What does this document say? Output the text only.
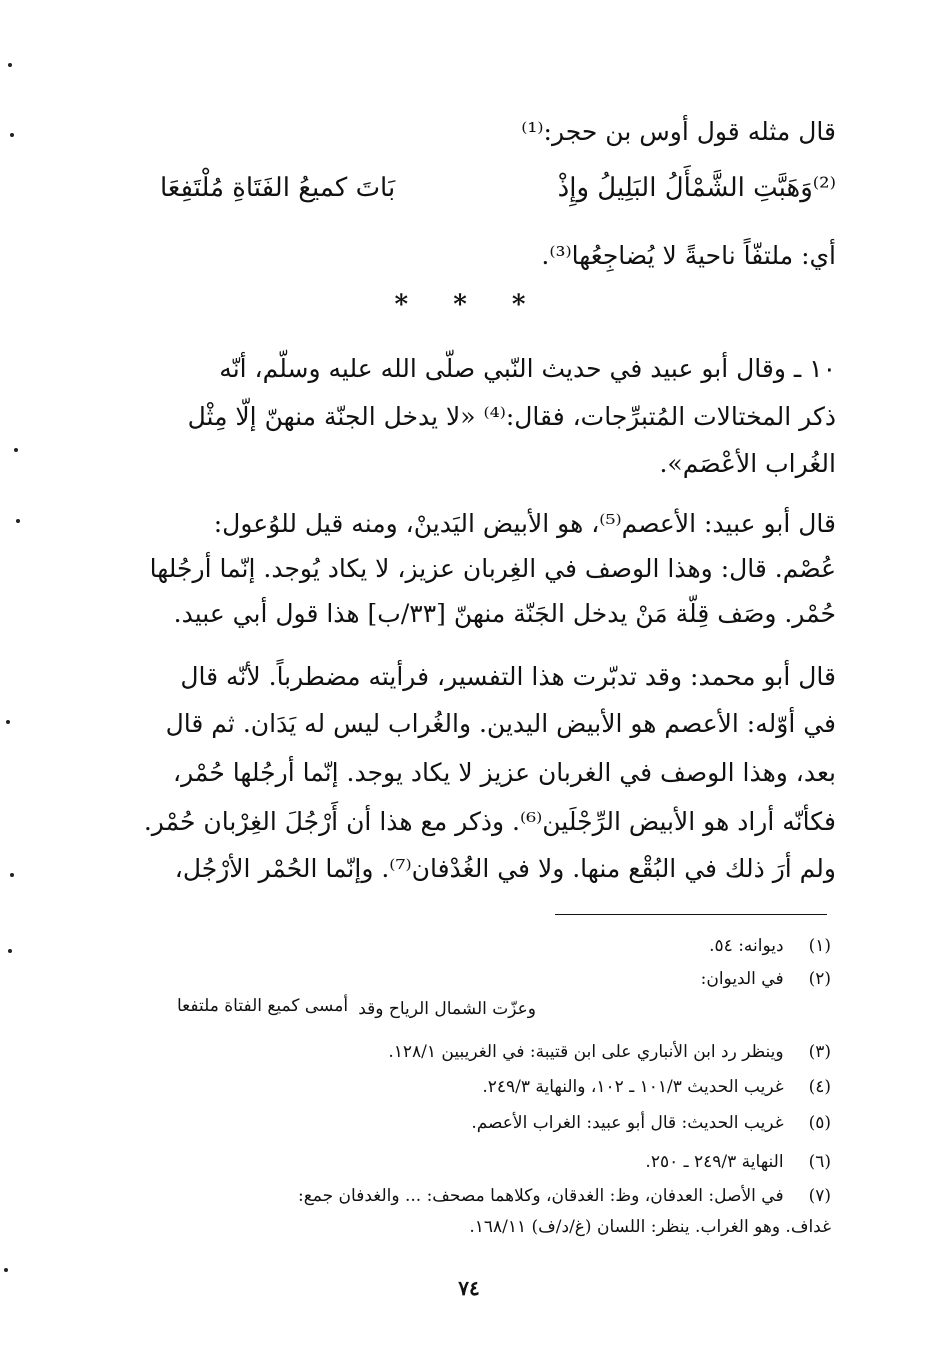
قال مثله قول أوس بن حجر:⁽¹⁾
⁽²⁾وَهَبَّتِ الشَّمْأَلُ البَلِيلُ وإِذْ
بَاتَ كميعُ الفَتَاةِ مُلْتَفِعَا
أي: ملتفّاً ناحيةً لا يُضاجِعُها⁽³⁾.
* * *
١٠ ـ وقال أبو عبيد في حديث النّبي صلّى الله عليه وسلّم، أنّه
ذكر المختالات المُتبرِّجات، فقال:⁽⁴⁾ «لا يدخل الجنّة منهنّ إلّا مِثْل
الغُراب الأعْصَم».
قال أبو عبيد: الأعصم⁽⁵⁾، هو الأبيض اليَدينْ، ومنه قيل للوُعول:
عُصْم. قال: وهذا الوصف في الغِربان عزيز، لا يكاد يُوجد. إنّما أرجُلها
حُمْر. وصَف قِلّة مَنْ يدخل الجَنّة منهنّ [٣٣/ب] هذا قول أبي عبيد.
قال أبو محمد: وقد تدبّرت هذا التفسير، فرأيته مضطرباً. لأنّه قال
في أوّله: الأعصم هو الأبيض اليدين. والغُراب ليس له يَدَان. ثم قال
بعد، وهذا الوصف في الغربان عزيز لا يكاد يوجد. إنّما أرجُلها حُمْر،
فكأنّه أراد هو الأبيض الرِّجْلَين⁽⁶⁾. وذكر مع هذا أن أَرْجُلَ الغِرْبان حُمْر.
ولم أرَ ذلك في البُقْع منها. ولا في الغُدْفان⁽⁷⁾. وإنّما الحُمْر الأرْجُل،
(١) ديوانه: ٥٤.
(٢) في الديوان:
وعزّت الشمال الرياح وقد
أمسى كميع الفتاة ملتفعا
(٣) وينظر رد ابن الأنباري على ابن قتيبة: في الغريبين ١٢٨/١.
(٤) غريب الحديث ١٠١/٣ ـ ١٠٢، والنهاية ٢٤٩/٣.
(٥) غريب الحديث: قال أبو عبيد: الغراب الأعصم.
(٦) النهاية ٢٤٩/٣ ـ ٢٥٠.
(٧) في الأصل: العدفان، وظ: الغدقان، وكلاهما مصحف: ... والغدفان جمع:
غداف. وهو الغراب. ينظر: اللسان (غ/د/ف) ١٦٨/١١.
٧٤
